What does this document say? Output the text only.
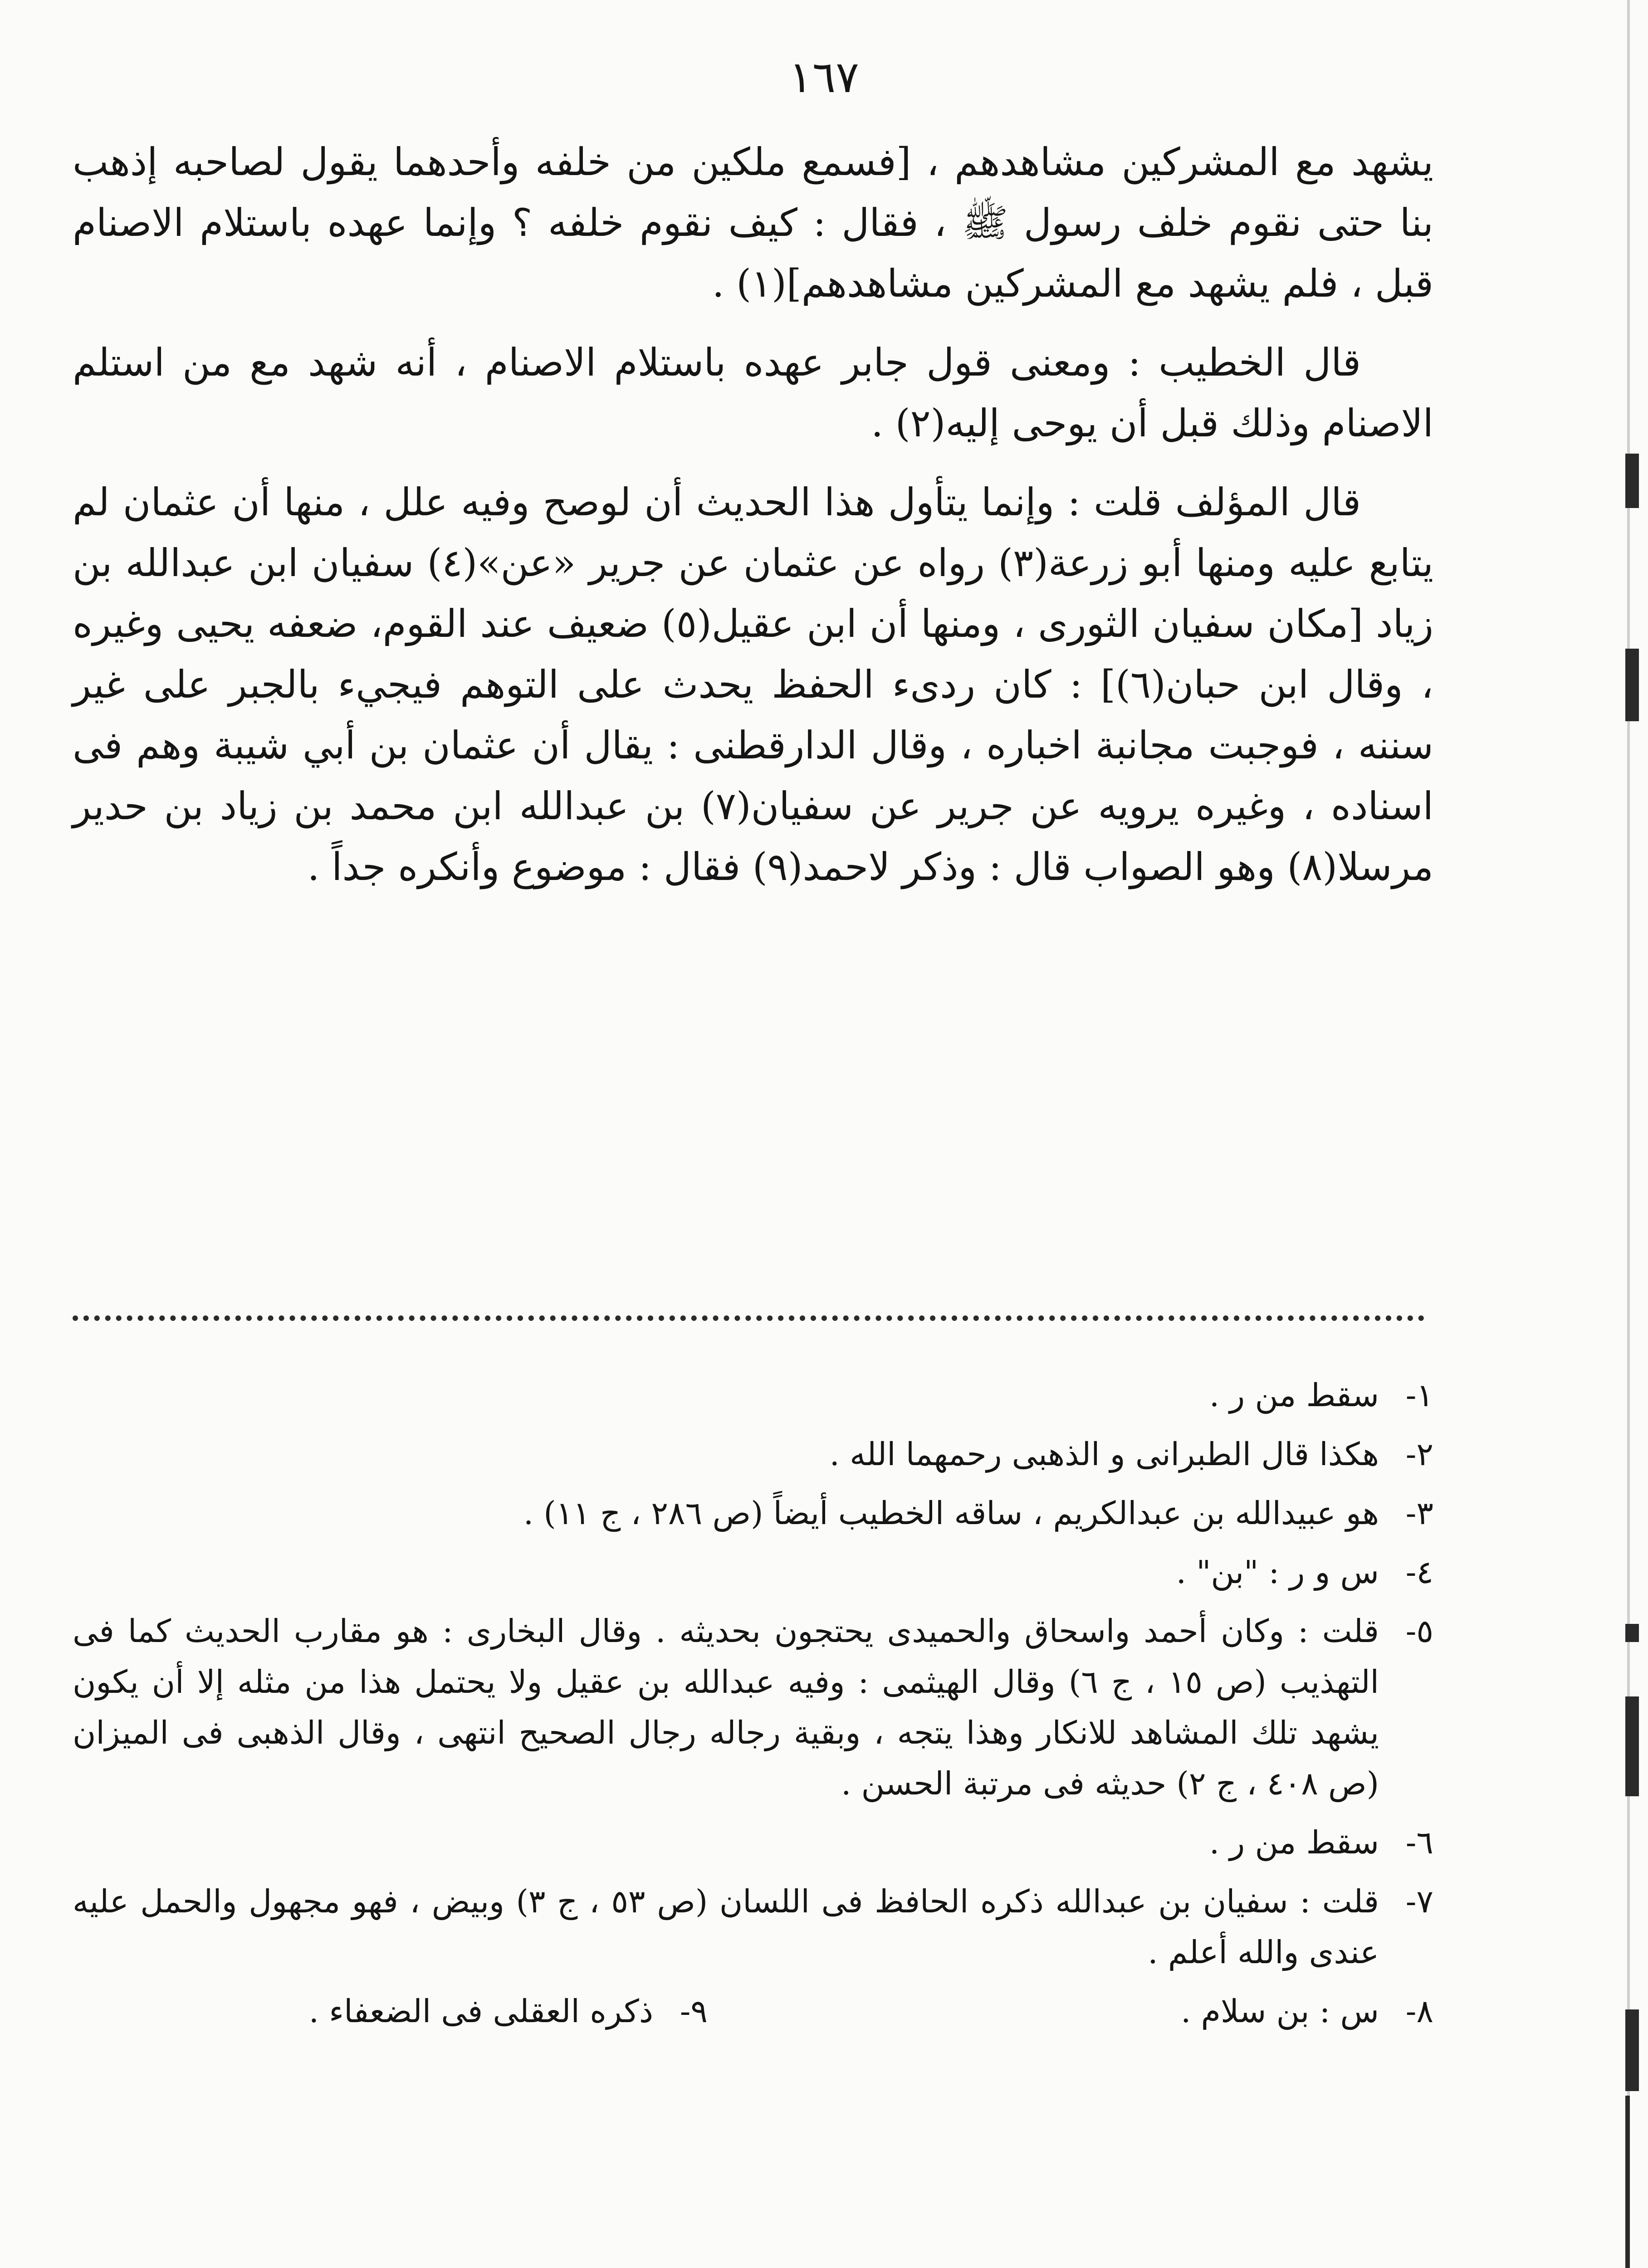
١٦٧

يشهد مع المشركين مشاهدهم ، [فسمع ملكين من خلفه وأحدهما يقول لصاحبه إذهب بنا حتى نقوم خلف رسول ﷺ ، فقال : كيف نقوم خلفه ؟ وإنما عهده باستلام الاصنام قبل ، فلم يشهد مع المشركين مشاهدهم](١) .

قال الخطيب : ومعنى قول جابر عهده باستلام الاصنام ، أنه شهد مع من استلم الاصنام وذلك قبل أن يوحى إليه(٢) .

قال المؤلف قلت : وإنما يتأول هذا الحديث أن لوصح وفيه علل ، منها أن عثمان لم يتابع عليه ومنها أبو زرعة(٣) رواه عن عثمان عن جرير «عن»(٤) سفيان ابن عبدالله بن زياد [مكان سفيان الثورى ، ومنها أن ابن عقيل(٥) ضعيف عند القوم، ضعفه يحيى وغيره ، وقال ابن حبان(٦)] : كان ردىء الحفظ يحدث على التوهم فيجيء بالجبر على غير سننه ، فوجبت مجانبة اخباره ، وقال الدارقطنى : يقال أن عثمان بن أبي شيبة وهم فى اسناده ، وغيره يرويه عن جرير عن سفيان(٧) بن عبدالله ابن محمد بن زياد بن حدير مرسلا(٨) وهو الصواب قال : وذكر لاحمد(٩) فقال : موضوع وأنكره جداً .

١-
سقط من ر .
٢-
هكذا قال الطبرانى و الذهبى رحمهما الله .
٣-
هو عبيدالله بن عبدالكريم ، ساقه الخطيب أيضاً (ص ٢٨٦ ، ج ١١) .
٤-
س و ر : "بن" .
٥-
قلت : وكان أحمد واسحاق والحميدى يحتجون بحديثه . وقال البخارى : هو مقارب الحديث كما فى التهذيب (ص ١٥ ، ج ٦) وقال الهيثمى : وفيه عبدالله بن عقيل ولا يحتمل هذا من مثله إلا أن يكون يشهد تلك المشاهد للانكار وهذا يتجه ، وبقية رجاله رجال الصحيح انتهى ، وقال الذهبى فى الميزان (ص ٤٠٨ ، ج ٢) حديثه فى مرتبة الحسن .
٦-
سقط من ر .
٧-
قلت : سفيان بن عبدالله ذكره الحافظ فى اللسان (ص ٥٣ ، ج ٣) وبيض ، فهو مجهول والحمل عليه عندى والله أعلم .
٨-
س : بن سلام .
٩-
ذكره العقلى فى الضعفاء .
